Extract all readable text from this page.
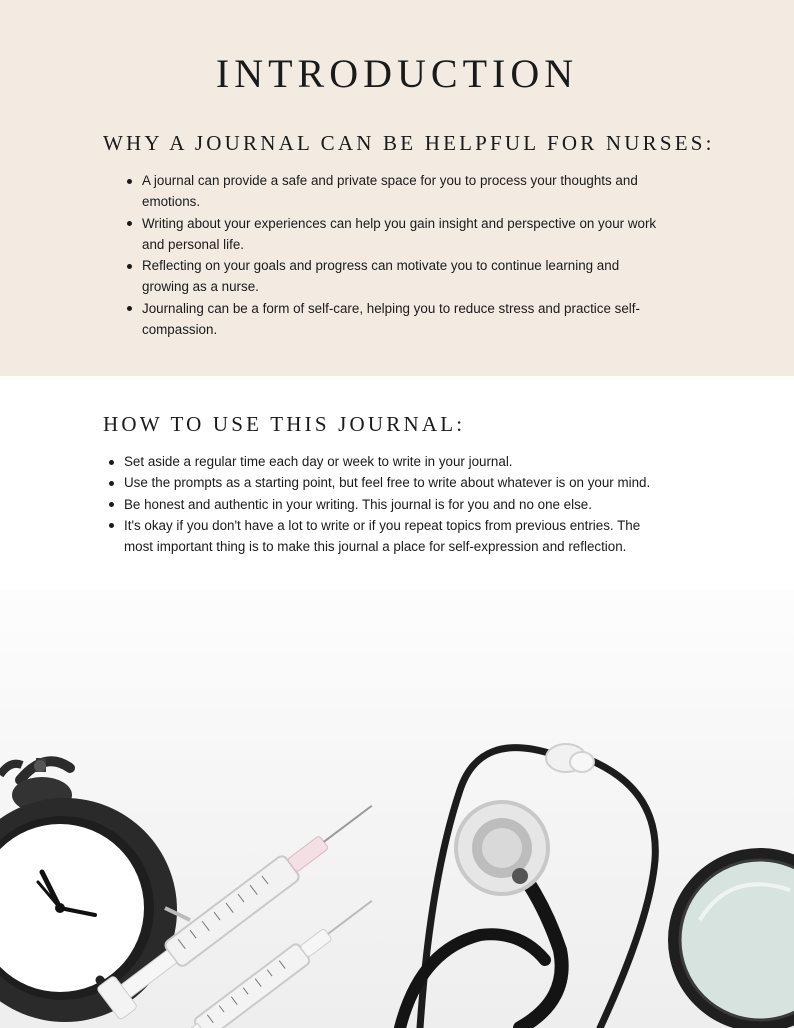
INTRODUCTION
WHY A JOURNAL CAN BE HELPFUL FOR NURSES:
A journal can provide a safe and private space for you to process your thoughts and emotions.
Writing about your experiences can help you gain insight and perspective on your work and personal life.
Reflecting on your goals and progress can motivate you to continue learning and growing as a nurse.
Journaling can be a form of self-care, helping you to reduce stress and practice self-compassion.
HOW TO USE THIS JOURNAL:
Set aside a regular time each day or week to write in your journal.
Use the prompts as a starting point, but feel free to write about whatever is on your mind.
Be honest and authentic in your writing. This journal is for you and no one else.
It's okay if you don't have a lot to write or if you repeat topics from previous entries. The most important thing is to make this journal a place for self-expression and reflection.
